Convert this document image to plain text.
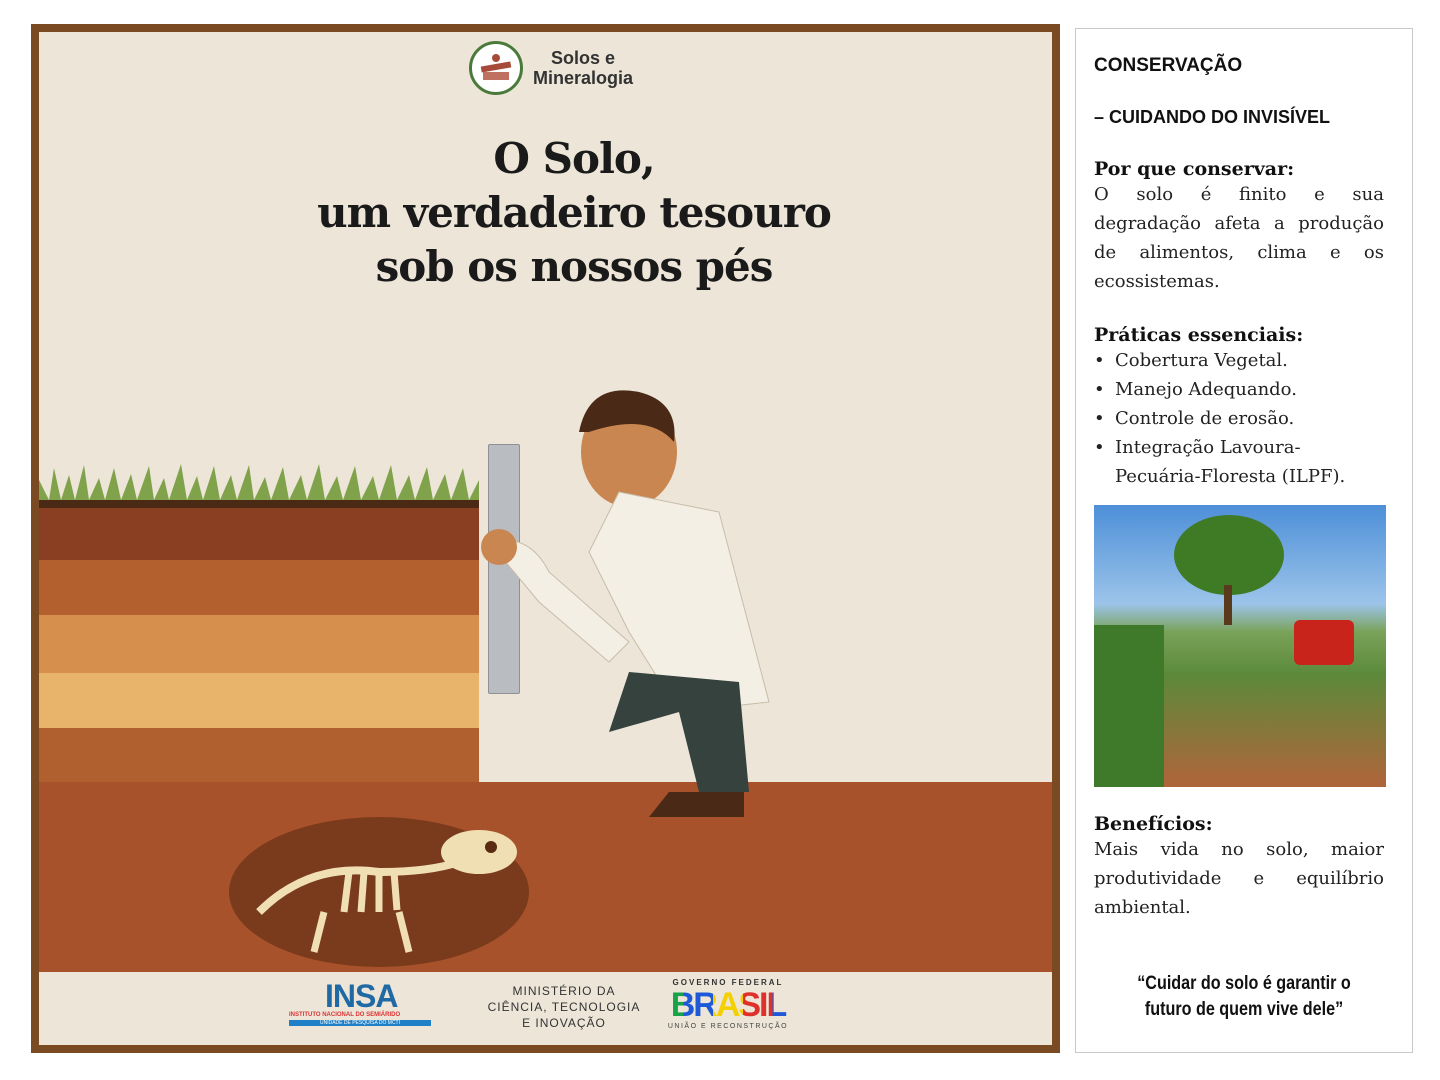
Solos e
Mineralogia
O Solo,
um verdadeiro tesouro
sob os nossos pés
INSA
INSTITUTO NACIONAL DO SEMIÁRIDO
UNIDADE DE PESQUISA DO MCTI
MINISTÉRIO DA
CIÊNCIA, TECNOLOGIA
E INOVAÇÃO
GOVERNO FEDERAL
BRASIL
UNIÃO E RECONSTRUÇÃO
CONSERVAÇÃO
– CUIDANDO DO INVISÍVEL
Por que conservar:
O solo é finito e sua degradação afeta a produção de alimentos, clima e os ecossistemas.
Práticas essenciais:
• Cobertura Vegetal.
• Manejo Adequando.
• Controle de erosão.
• Integração Lavoura-Pecuária-Floresta (ILPF).
Benefícios:
Mais vida no solo, maior produtividade e equilíbrio ambiental.
“Cuidar do solo é garantir o futuro de quem vive dele”
